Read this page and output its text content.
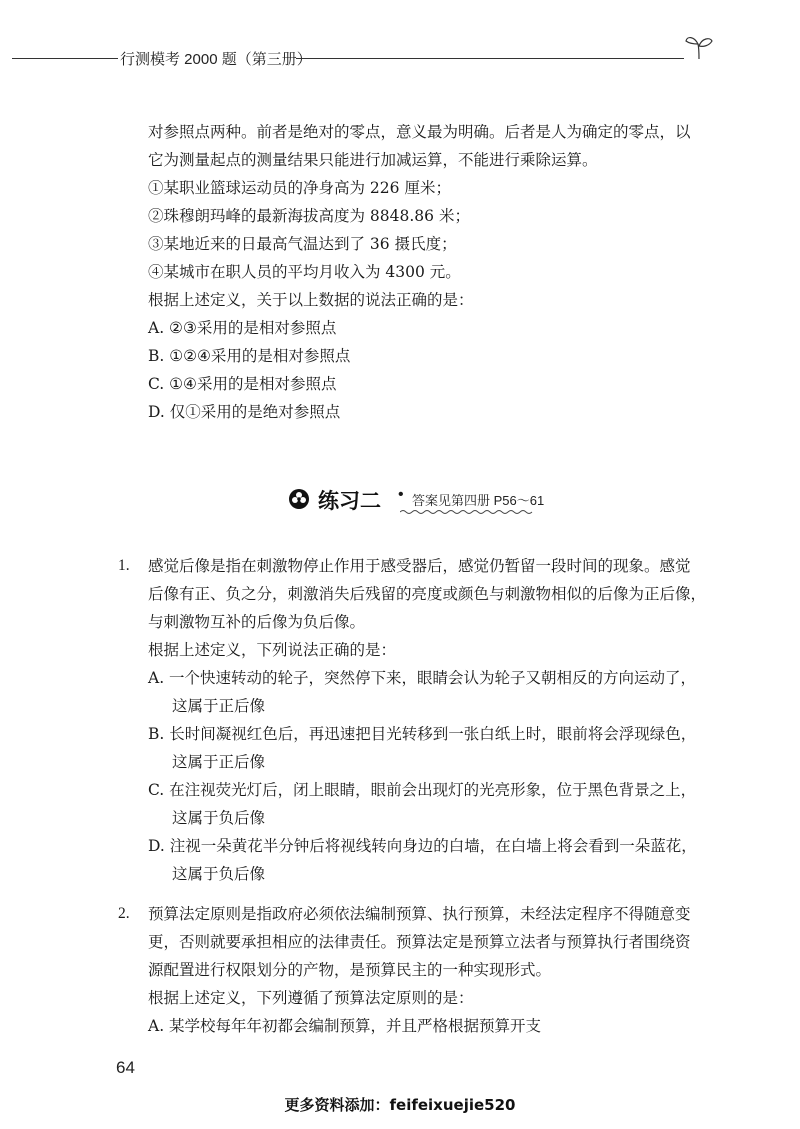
行测模考 2000 题（第三册）
对参照点两种。前者是绝对的零点，意义最为明确。后者是人为确定的零点，以
它为测量起点的测量结果只能进行加减运算，不能进行乘除运算。
①某职业篮球运动员的净身高为 226 厘米；
②珠穆朗玛峰的最新海拔高度为 8848.86 米；
③某地近来的日最高气温达到了 36 摄氏度；
④某城市在职人员的平均月收入为 4300 元。
根据上述定义，关于以上数据的说法正确的是：
A. ②③采用的是相对参照点
B. ①②④采用的是相对参照点
C. ①④采用的是相对参照点
D. 仅①采用的是绝对参照点
练习二 • 答案见第四册 P56～61
1.	感觉后像是指在刺激物停止作用于感受器后，感觉仍暂留一段时间的现象。感觉
后像有正、负之分，刺激消失后残留的亮度或颜色与刺激物相似的后像为正后像，
与刺激物互补的后像为负后像。
根据上述定义，下列说法正确的是：
A. 一个快速转动的轮子，突然停下来，眼睛会认为轮子又朝相反的方向运动了，
这属于正后像
B. 长时间凝视红色后，再迅速把目光转移到一张白纸上时，眼前将会浮现绿色，
这属于正后像
C. 在注视荧光灯后，闭上眼睛，眼前会出现灯的光亮形象，位于黑色背景之上，
这属于负后像
D. 注视一朵黄花半分钟后将视线转向身边的白墙，在白墙上将会看到一朵蓝花，
这属于负后像
2.	预算法定原则是指政府必须依法编制预算、执行预算，未经法定程序不得随意变
更，否则就要承担相应的法律责任。预算法定是预算立法者与预算执行者围绕资
源配置进行权限划分的产物，是预算民主的一种实现形式。
根据上述定义，下列遵循了预算法定原则的是：
A. 某学校每年年初都会编制预算，并且严格根据预算开支
64
更多资料添加：feifeixuejie520
